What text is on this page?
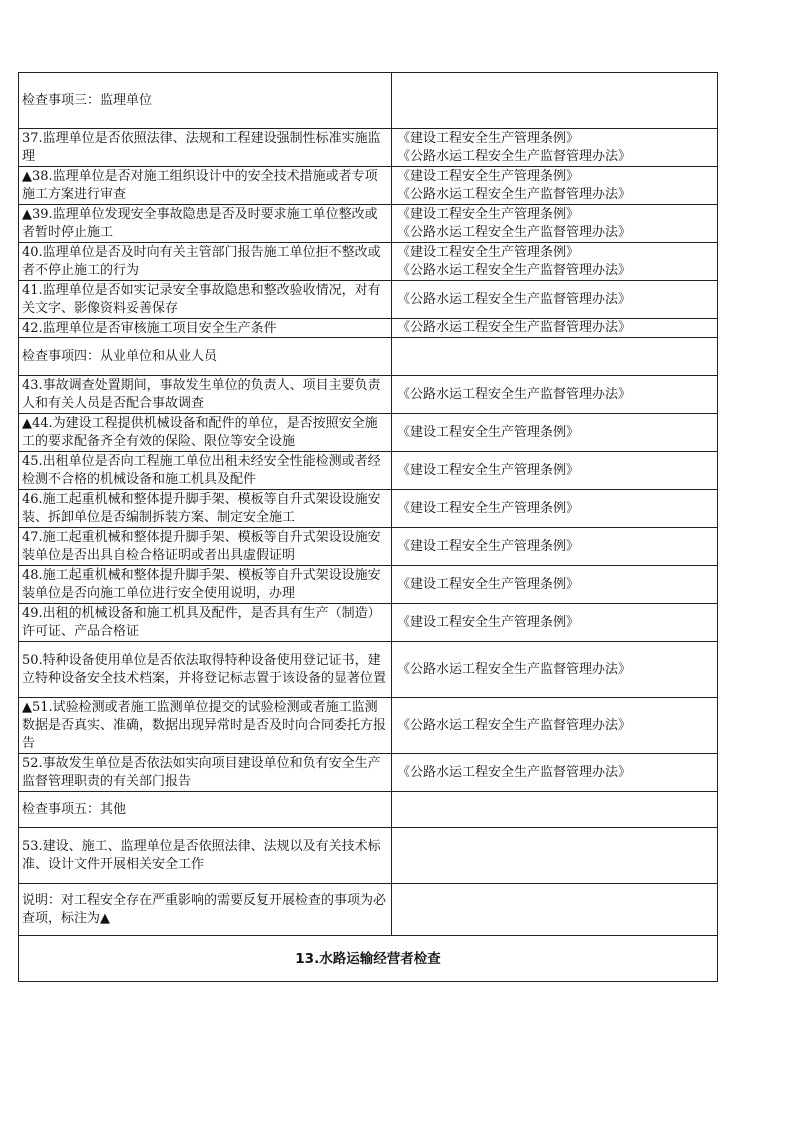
检查事项三：监理单位	

37.监理单位是否依照法律、法规和工程建设强制性标准实施监理	《建设工程安全生产管理条例》
《公路水运工程安全生产监督管理办法》

▲38.监理单位是否对施工组织设计中的安全技术措施或者专项施工方案进行审查	《建设工程安全生产管理条例》
《公路水运工程安全生产监督管理办法》

▲39.监理单位发现安全事故隐患是否及时要求施工单位整改或者暂时停止施工	《建设工程安全生产管理条例》
《公路水运工程安全生产监督管理办法》

40.监理单位是否及时向有关主管部门报告施工单位拒不整改或者不停止施工的行为	《建设工程安全生产管理条例》
《公路水运工程安全生产监督管理办法》

41.监理单位是否如实记录安全事故隐患和整改验收情况，对有关文字、影像资料妥善保存	《公路水运工程安全生产监督管理办法》

42.监理单位是否审核施工项目安全生产条件	《公路水运工程安全生产监督管理办法》

检查事项四：从业单位和从业人员	

43.事故调查处置期间，事故发生单位的负责人、项目主要负责人和有关人员是否配合事故调查	《公路水运工程安全生产监督管理办法》

▲44.为建设工程提供机械设备和配件的单位，是否按照安全施工的要求配备齐全有效的保险、限位等安全设施	《建设工程安全生产管理条例》

45.出租单位是否向工程施工单位出租未经安全性能检测或者经检测不合格的机械设备和施工机具及配件	《建设工程安全生产管理条例》

46.施工起重机械和整体提升脚手架、模板等自升式架设设施安装、拆卸单位是否编制拆装方案、制定安全施工	《建设工程安全生产管理条例》

47.施工起重机械和整体提升脚手架、模板等自升式架设设施安装单位是否出具自检合格证明或者出具虚假证明	《建设工程安全生产管理条例》

48.施工起重机械和整体提升脚手架、模板等自升式架设设施安装单位是否向施工单位进行安全使用说明，办理	《建设工程安全生产管理条例》

49.出租的机械设备和施工机具及配件，是否具有生产（制造）许可证、产品合格证	《建设工程安全生产管理条例》

50.特种设备使用单位是否依法取得特种设备使用登记证书，建立特种设备安全技术档案，并将登记标志置于该设备的显著位置	《公路水运工程安全生产监督管理办法》

▲51.试验检测或者施工监测单位提交的试验检测或者施工监测数据是否真实、准确，数据出现异常时是否及时向合同委托方报告	《公路水运工程安全生产监督管理办法》

52.事故发生单位是否依法如实向项目建设单位和负有安全生产监督管理职责的有关部门报告	《公路水运工程安全生产监督管理办法》

检查事项五：其他	

53.建设、施工、监理单位是否依照法律、法规以及有关技术标准、设计文件开展相关安全工作	

说明：对工程安全存在严重影响的需要反复开展检查的事项为必查项，标注为▲	

13.水路运输经营者检查	
